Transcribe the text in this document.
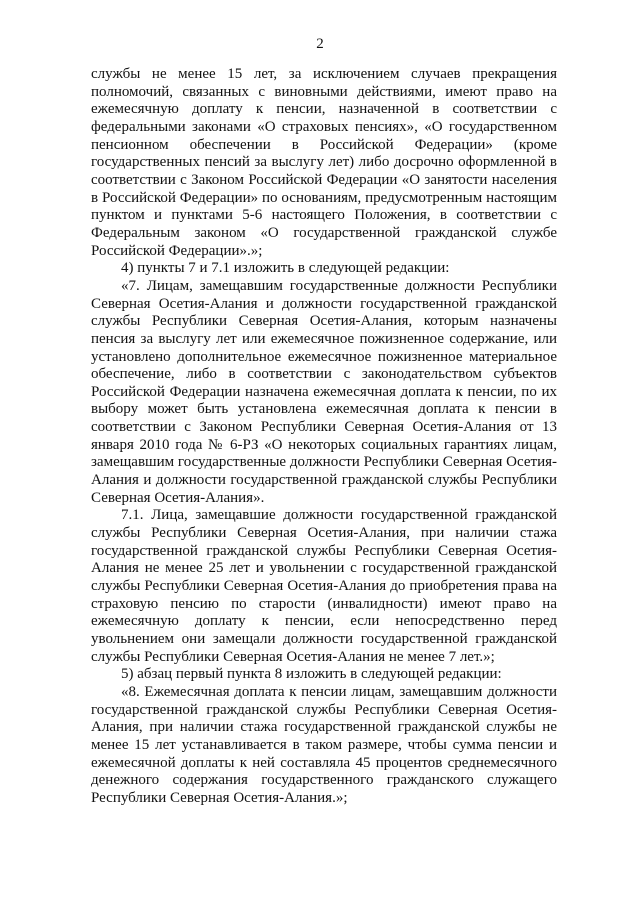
2

службы не менее 15 лет, за исключением случаев прекращения полномочий, связанных с виновными действиями, имеют право на ежемесячную доплату к пенсии, назначенной в соответствии с федеральными законами «О страховых пенсиях», «О государственном пенсионном обеспечении в Российской Федерации» (кроме государственных пенсий за выслугу лет) либо досрочно оформленной в соответствии с Законом Российской Федерации «О занятости населения в Российской Федерации» по основаниям, предусмотренным настоящим пунктом и пунктами 5-6 настоящего Положения, в соответствии с Федеральным законом «О государственной гражданской службе Российской Федерации».»;

4) пункты 7 и 7.1 изложить в следующей редакции:

«7. Лицам, замещавшим государственные должности Республики Северная Осетия-Алания и должности государственной гражданской службы Республики Северная Осетия-Алания, которым назначены пенсия за выслугу лет или ежемесячное пожизненное содержание, или установлено дополнительное ежемесячное пожизненное материальное обеспечение, либо в соответствии с законодательством субъектов Российской Федерации назначена ежемесячная доплата к пенсии, по их выбору может быть установлена ежемесячная доплата к пенсии в соответствии с Законом Республики Северная Осетия-Алания от 13 января 2010 года № 6-РЗ «О некоторых социальных гарантиях лицам, замещавшим государственные должности Республики Северная Осетия-Алания и должности государственной гражданской службы Республики Северная Осетия-Алания».

7.1. Лица, замещавшие должности государственной гражданской службы Республики Северная Осетия-Алания, при наличии стажа государственной гражданской службы Республики Северная Осетия-Алания не менее 25 лет и увольнении с государственной гражданской службы Республики Северная Осетия-Алания до приобретения права на страховую пенсию по старости (инвалидности) имеют право на ежемесячную доплату к пенсии, если непосредственно перед увольнением они замещали должности государственной гражданской службы Республики Северная Осетия-Алания не менее 7 лет.»;

5) абзац первый пункта 8 изложить в следующей редакции:

«8. Ежемесячная доплата к пенсии лицам, замещавшим должности государственной гражданской службы Республики Северная Осетия-Алания, при наличии стажа государственной гражданской службы не менее 15 лет устанавливается в таком размере, чтобы сумма пенсии и ежемесячной доплаты к ней составляла 45 процентов среднемесячного денежного содержания государственного гражданского служащего Республики Северная Осетия-Алания.»;
